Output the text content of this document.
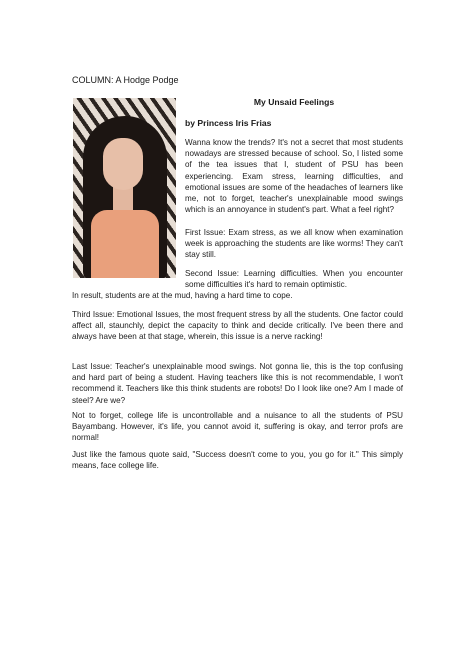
COLUMN: A Hodge Podge
My Unsaid Feelings
by Princess Iris Frias

Wanna know the trends? It's not a secret that most students nowadays are stressed because of school. So, I listed some of the tea issues that I, student of PSU has been experiencing. Exam stress, learning difficulties, and emotional issues are some of the headaches of learners like me, not to forget, teacher's unexplainable mood swings which is an annoyance in student's part. What a feel right?

First Issue: Exam stress, as we all know when examination week is approaching the students are like worms! They can't stay still.

Second Issue: Learning difficulties. When you encounter some difficulties it's hard to remain optimistic.

In result, students are at the mud, having a hard time to cope.

Third Issue: Emotional Issues, the most frequent stress by all the students. One factor could affect all, staunchly, depict the capacity to think and decide critically. I've been there and always have been at that stage, wherein, this issue is a nerve racking!

Last Issue: Teacher's unexplainable mood swings. Not gonna lie, this is the top confusing and hard part of being a student. Having teachers like this is not recommendable, I won't recommend it. Teachers like this think students are robots! Do I look like one? Am I made of steel? Are we?

Not to forget, college life is uncontrollable and a nuisance to all the students of PSU Bayambang. However, it's life, you cannot avoid it, suffering is okay, and terror profs are normal!

Just like the famous quote said, "Success doesn't come to you, you go for it." This simply means, face college life.
